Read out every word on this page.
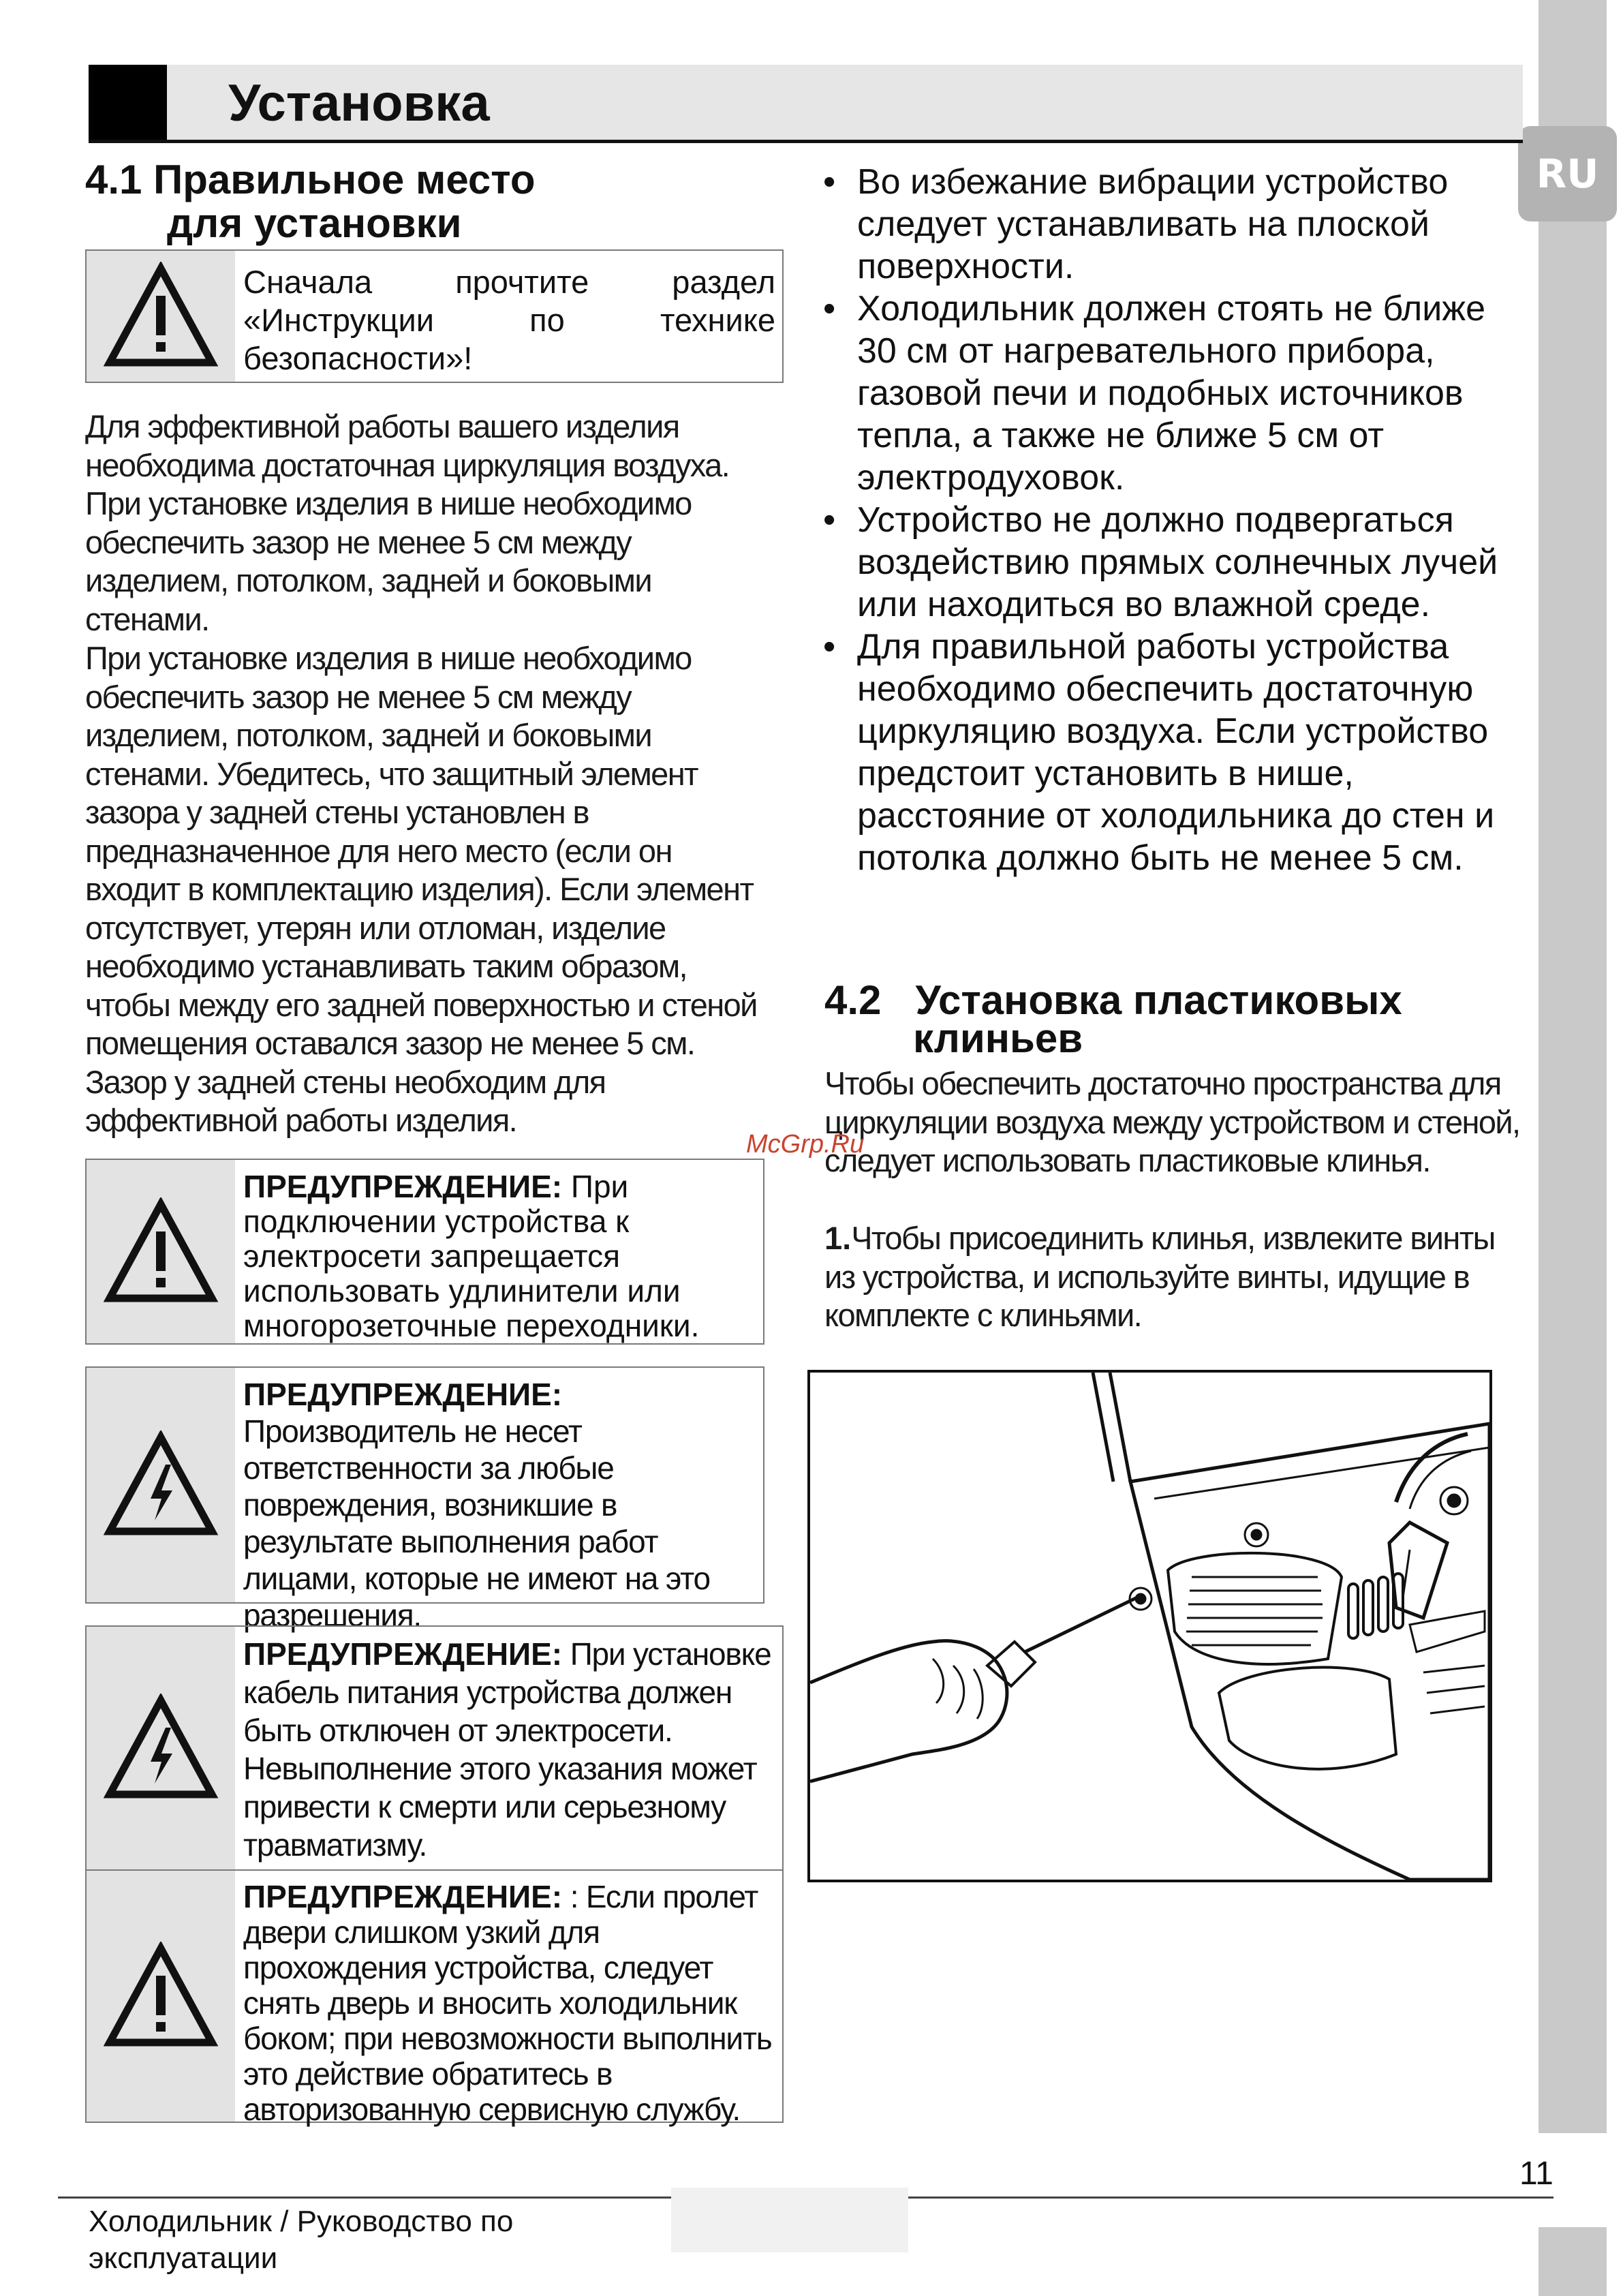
RU
Установка
4.1 Правильное место
для установки
Сначала прочтите раздел «Инструкции по технике безопасности»!
Для эффективной работы вашего изделия необходима достаточная циркуляция воздуха. При установке изделия в нише необходимо обеспечить зазор не менее 5 см между изделием, потолком, задней и боковыми стенами.
При установке изделия в нише необходимо обеспечить зазор не менее 5 см между изделием, потолком, задней и боковыми стенами. Убедитесь, что защитный элемент зазора у задней стены установлен в предназначенное для него место (если он входит в комплектацию изделия). Если элемент отсутствует, утерян или отломан, изделие необходимо устанавливать таким образом, чтобы между его задней поверхностью и стеной помещения оставался зазор не менее 5 см. Зазор у задней стены необходим для эффективной работы изделия.
ПРЕДУПРЕЖДЕНИЕ: При подключении устройства к электросети запрещается использовать удлинители или многорозеточные переходники.
ПРЕДУПРЕЖДЕНИЕ:
Производитель не несет ответственности за любые повреждения, возникшие в результате выполнения работ лицами, которые не имеют на это разрешения.
ПРЕДУПРЕЖДЕНИЕ: При установке кабель питания устройства должен быть отключен от электросети. Невыполнение этого указания может привести к смерти или серьезному травматизму.
ПРЕДУПРЕЖДЕНИЕ: : Если пролет двери слишком узкий для прохождения устройства, следует снять дверь и вносить холодильник боком; при невозможности выполнить это действие обратитесь в авторизованную сервисную службу.
• Во избежание вибрации устройство следует устанавливать на плоской поверхности.
• Холодильник должен стоять не ближе 30 см от нагревательного прибора, газовой печи и подобных источников тепла, а также не ближе 5 см от электродуховок.
• Устройство не должно подвергаться воздействию прямых солнечных лучей или находиться во влажной среде.
• Для правильной работы устройства необходимо обеспечить достаточную циркуляцию воздуха. Если устройство предстоит установить в нише, расстояние от холодильника до стен и потолка должно быть не менее 5 см.
4.2 Установка пластиковых
клиньев
Чтобы обеспечить достаточно пространства для циркуляции воздуха между устройством и стеной, следует использовать пластиковые клинья.
1.Чтобы присоединить клинья, извлеките винты из устройства, и используйте винты, идущие в комплекте с клиньями.
McGrp.Ru
Холодильник / Руководство по
эксплуатации
11
